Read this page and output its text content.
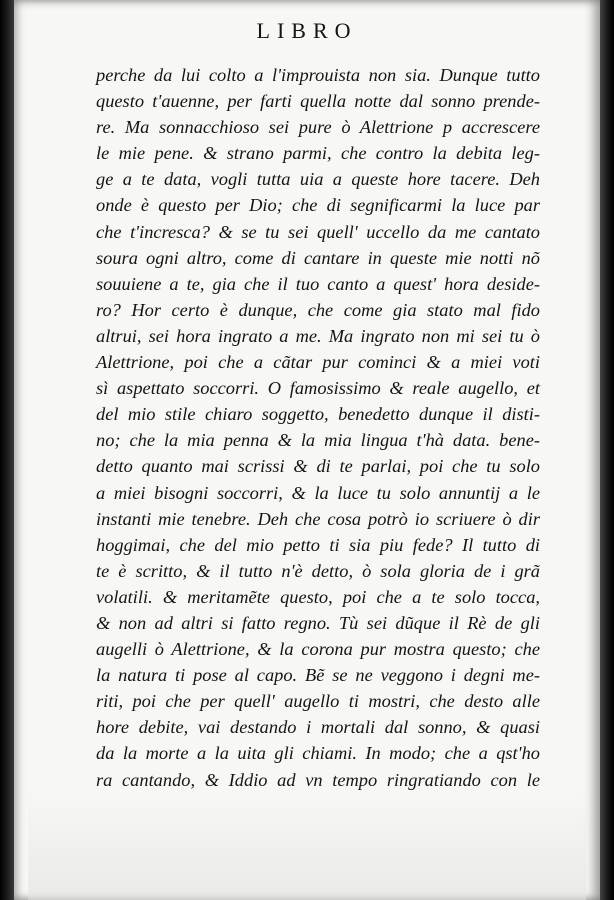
LIBRO
perche da lui colto a l'improuista non sia. Dunque tutto
questo t'auenne, per farti quella notte dal sonno prende-
re. Ma sonnacchioso sei pure ò Alettrione p accrescere
le mie pene. & strano parmi, che contro la debita leg-
ge a te data, vogli tutta uia a queste hore tacere. Deh
onde è questo per Dio; che di segnificarmi la luce par
che t'incresca? & se tu sei quell' uccello da me cantato
soura ogni altro, come di cantare in queste mie notti nõ
souuiene a te, gia che il tuo canto a quest' hora deside-
ro? Hor certo è dunque, che come gia stato mal fido
altrui, sei hora ingrato a me. Ma ingrato non mi sei tu ò
Alettrione, poi che a cãtar pur cominci & a miei voti
sì aspettato soccorri. O famosissimo & reale augello, et
del mio stile chiaro soggetto, benedetto dunque il disti-
no; che la mia penna & la mia lingua t'hà data. bene-
detto quanto mai scrissi & di te parlai, poi che tu solo
a miei bisogni soccorri, & la luce tu solo annuntij a le
instanti mie tenebre. Deh che cosa potrò io scriuere ò dir
hoggimai, che del mio petto ti sia piu fede? Il tutto di
te è scritto, & il tutto n'è detto, ò sola gloria de i grã
volatili. & meritamẽte questo, poi che a te solo tocca,
& non ad altri si fatto regno. Tù sei dũque il Rè de gli
augelli ò Alettrione, & la corona pur mostra questo; che
la natura ti pose al capo. Bẽ se ne veggono i degni me-
riti, poi che per quell' augello ti mostri, che desto alle
hore debite, vai destando i mortali dal sonno, & quasi
da la morte a la uita gli chiami. In modo; che a qst'ho
ra cantando, & Iddio ad vn tempo ringratiando con le
